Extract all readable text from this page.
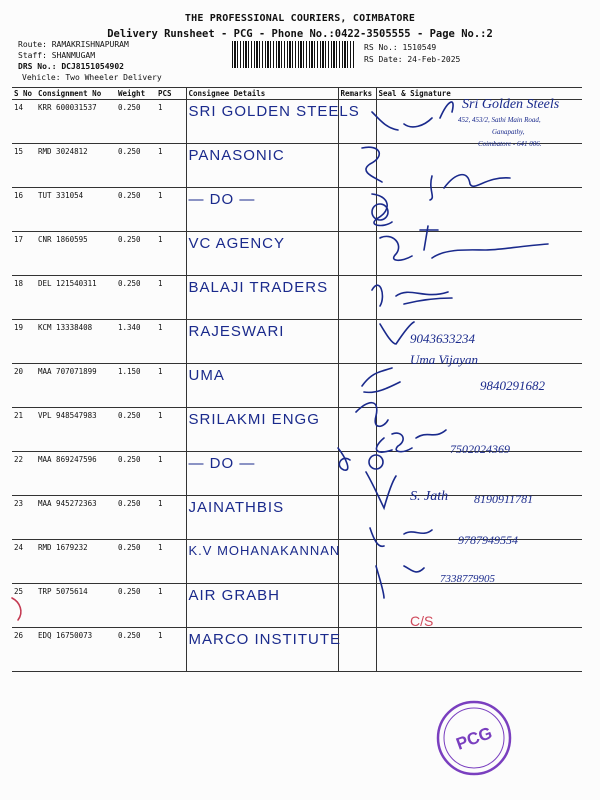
THE PROFESSIONAL COURIERS, COIMBATORE
Delivery Runsheet - PCG - Phone No.:0422-3505555 - Page No.:2
Route: RAMAKRISHNAPURAM
Staff: SHANMUGAM
DRS No.: DCJ8151054902
Vehicle: Two Wheeler Delivery
RS No.: 1510549
RS Date: 24-Feb-2025
S No	Consignment No	Weight	PCS	Consignee Details	Remarks	Seal & Signature
14	KRR 600031537	0.250	1	SRI GOLDEN STEELS		
15	RMD 3024812	0.250	1	PANASONIC		
16	TUT 331054	0.250	1	— DO —		
17	CNR 1860595	0.250	1	VC AGENCY		
18	DEL 121540311	0.250	1	BALAJI TRADERS		
19	KCM 13338408	1.340	1	RAJESWARI		
20	MAA 707071899	1.150	1	UMA		
21	VPL 948547983	0.250	1	SRILAKMI ENGG		
22	MAA 869247596	0.250	1	— DO —		
23	MAA 945272363	0.250	1	JAINATHBIS		
24	RMD 1679232	0.250	1	K.V MOHANAKANNAN		
25	TRP 5075614	0.250	1	AIR GRABH		
26	EDQ 16750073	0.250	1	MARCO INSTITUTE		
Sri Golden Steels
452, 453/2, Sathi Main Road,
Ganapathy,
Coimbatore - 641 006.
9043633234
Uma Vijayan
9840291682
7502024369
S. Jath 8190911781
9787949554
7338779905
C/S
PCG
